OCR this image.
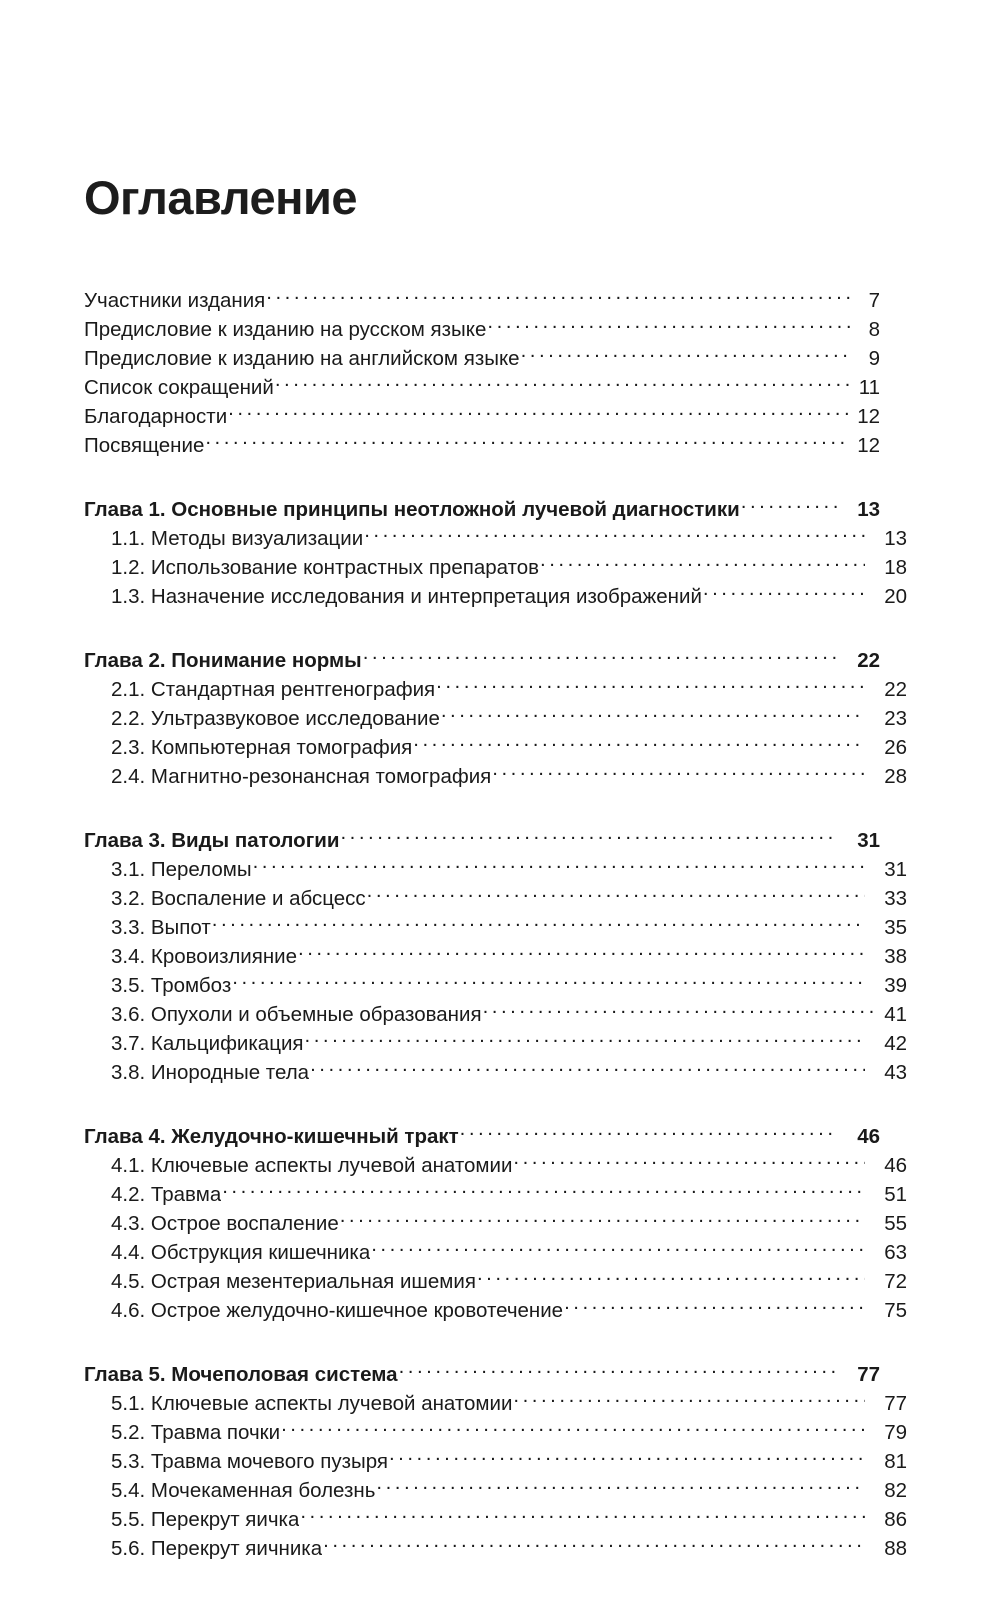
Оглавление
Участники издания . . .	7
Предисловие к изданию на русском языке . . .	8
Предисловие к изданию на английском языке . . .	9
Список сокращений . . .	11
Благодарности . . .	12
Посвящение . . .	12
Глава 1. Основные принципы неотложной лучевой диагностики . . .	13
1.1. Методы визуализации . . .	13
1.2. Использование контрастных препаратов . . .	18
1.3. Назначение исследования и интерпретация изображений . . .	20
Глава 2. Понимание нормы . . .	22
2.1. Стандартная рентгенография . . .	22
2.2. Ультразвуковое исследование . . .	23
2.3. Компьютерная томография . . .	26
2.4. Магнитно-резонансная томография . . .	28
Глава 3. Виды патологии . . .	31
3.1. Переломы . . .	31
3.2. Воспаление и абсцесс . . .	33
3.3. Выпот . . .	35
3.4. Кровоизлияние . . .	38
3.5. Тромбоз . . .	39
3.6. Опухоли и объемные образования . . .	41
3.7. Кальцификация . . .	42
3.8. Инородные тела . . .	43
Глава 4. Желудочно-кишечный тракт . . .	46
4.1. Ключевые аспекты лучевой анатомии . . .	46
4.2. Травма . . .	51
4.3. Острое воспаление . . .	55
4.4. Обструкция кишечника . . .	63
4.5. Острая мезентериальная ишемия . . .	72
4.6. Острое желудочно-кишечное кровотечение . . .	75
Глава 5. Мочеполовая система . . .	77
5.1. Ключевые аспекты лучевой анатомии . . .	77
5.2. Травма почки . . .	79
5.3. Травма мочевого пузыря . . .	81
5.4. Мочекаменная болезнь . . .	82
5.5. Перекрут яичка . . .	86
5.6. Перекрут яичника . . .	88
